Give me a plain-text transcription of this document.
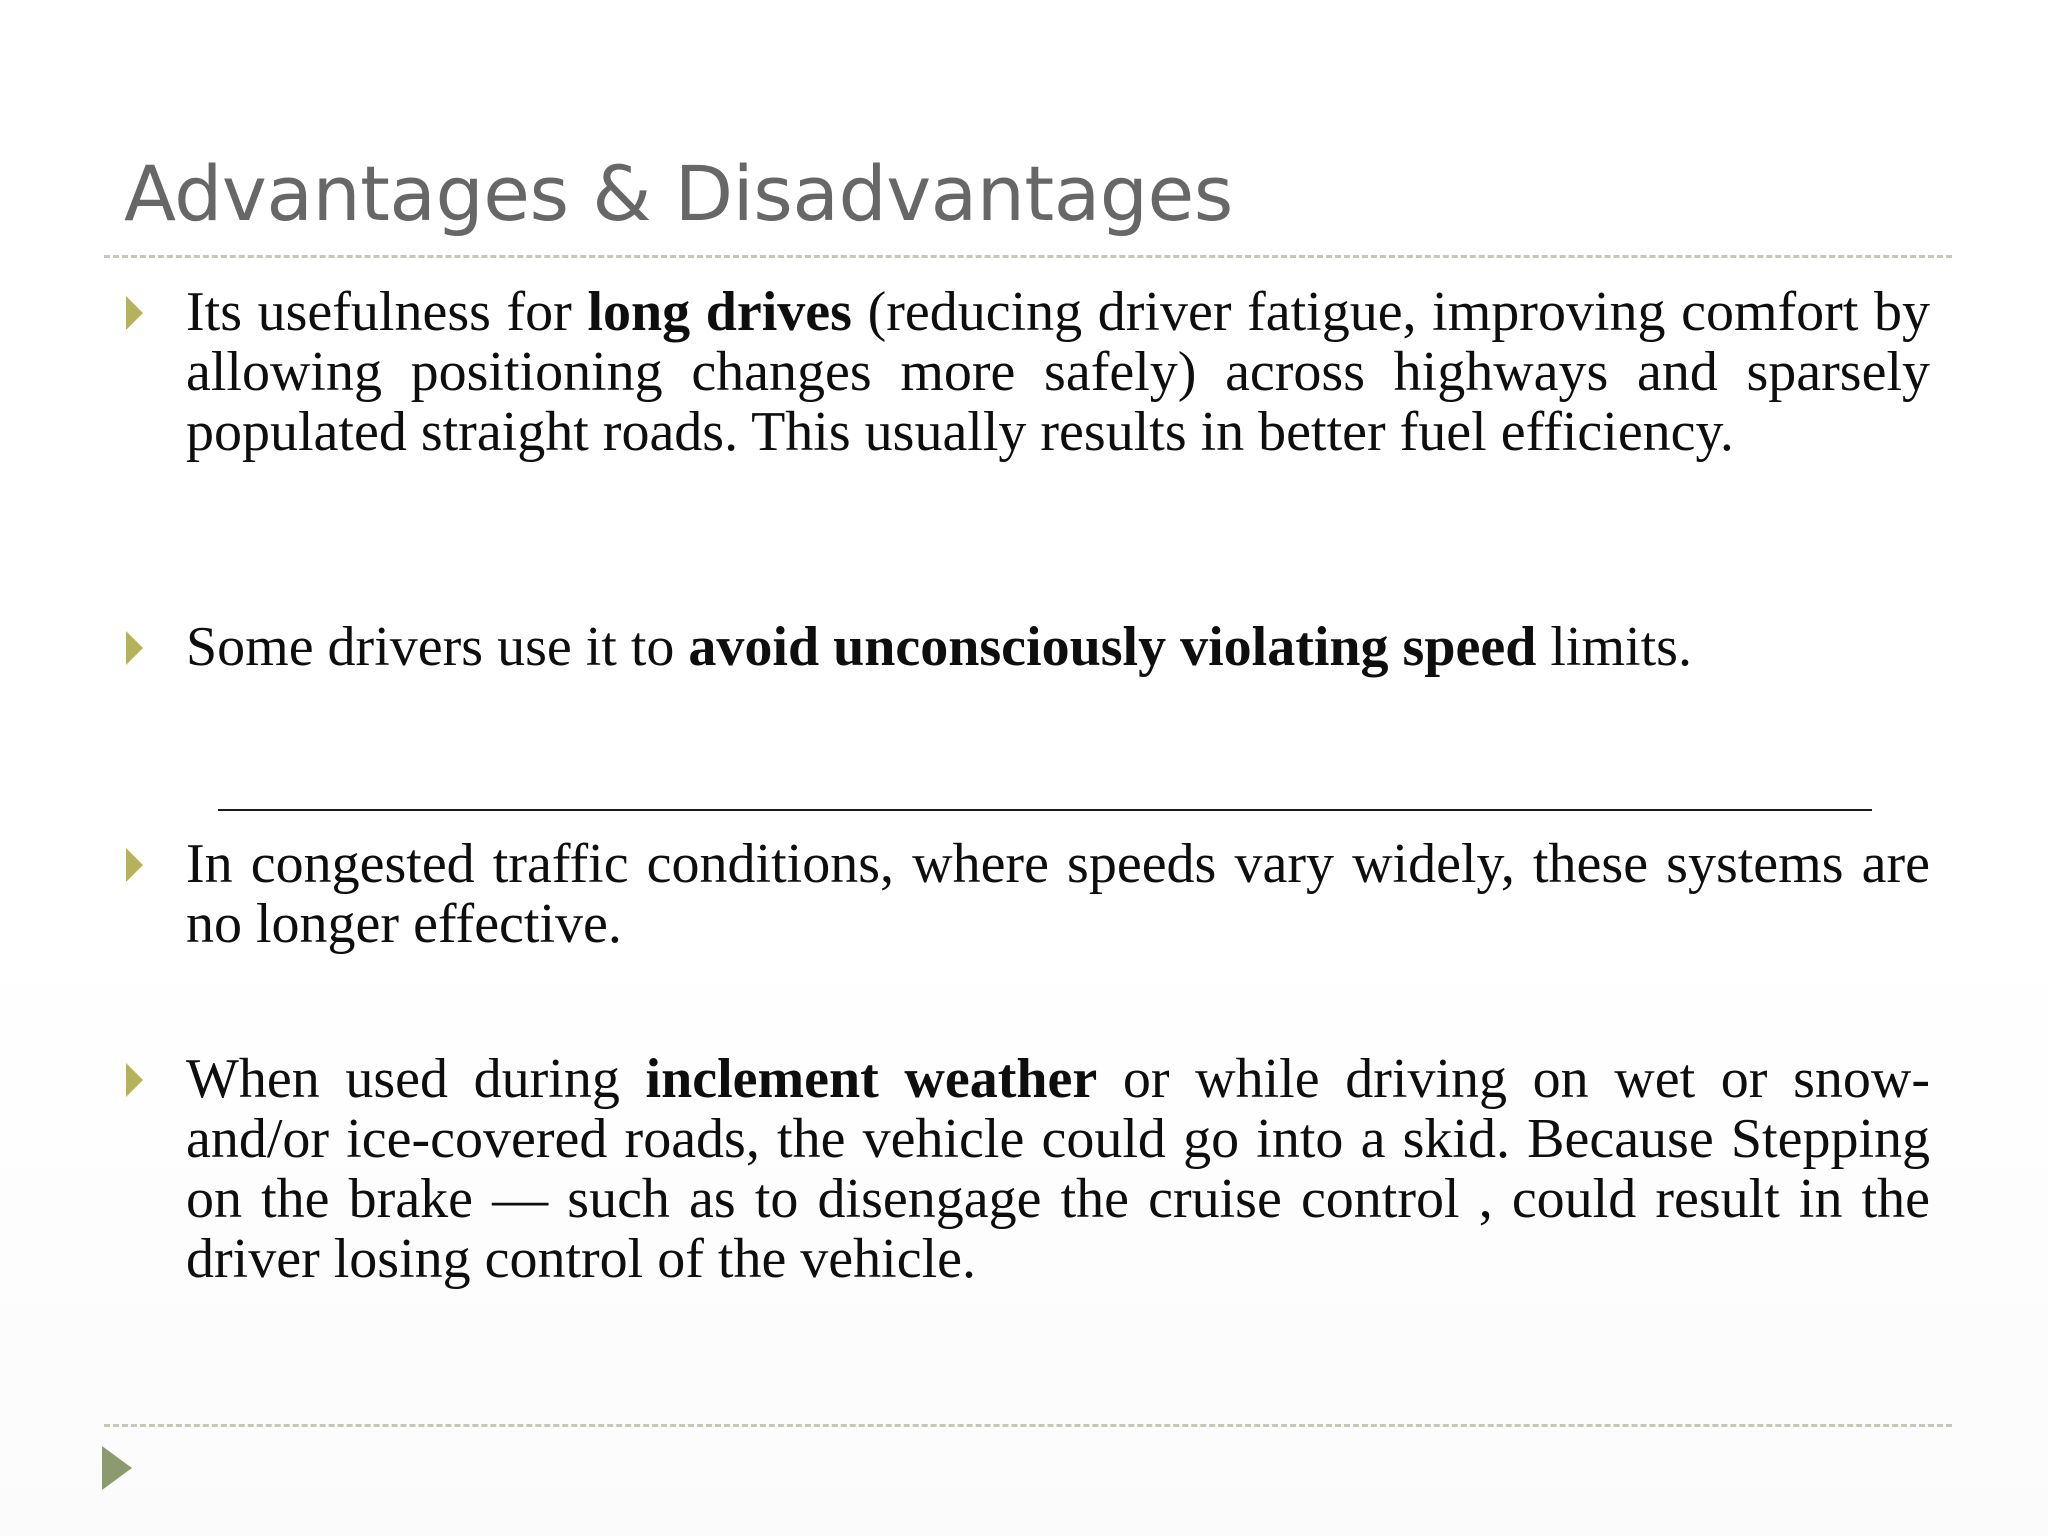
Advantages & Disadvantages

Its usefulness for long drives (reducing driver fatigue, improving comfort by allowing positioning changes more safely) across highways and sparsely populated straight roads. This usually results in better fuel efficiency.

Some drivers use it to avoid unconsciously violating speed limits.

In congested traffic conditions, where speeds vary widely, these systems are no longer effective.

When used during inclement weather or while driving on wet or snow- and/or ice-covered roads, the vehicle could go into a skid. Because Stepping on the brake — such as to disengage the cruise control , could result in the driver losing control of the vehicle.
